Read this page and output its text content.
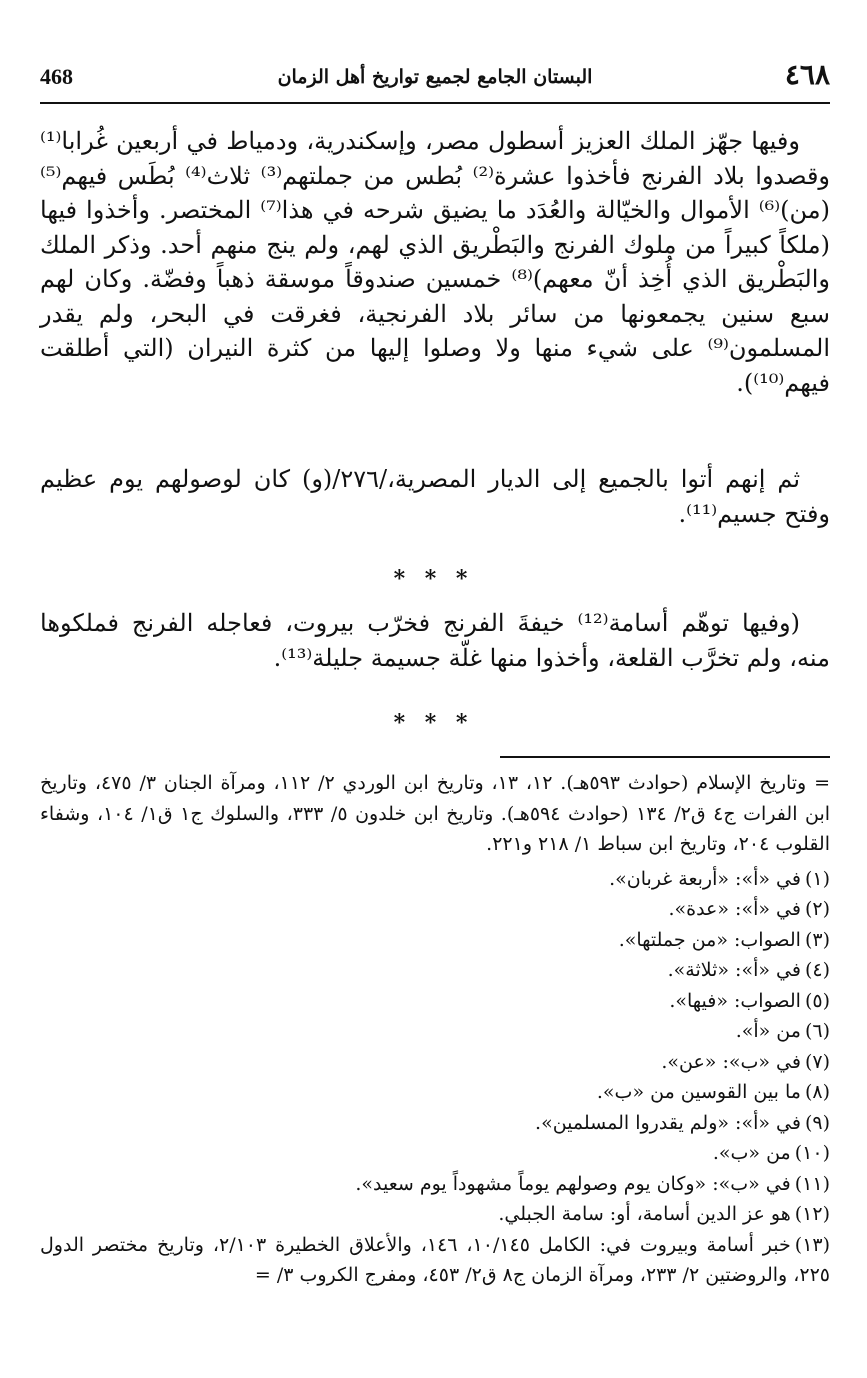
468	البستان الجامع لجميع تواريخ أهل الزمان	٤٦٨

وفيها جهّز الملك العزيز أسطول مصر، وإسكندرية، ودمياط في أربعين غُرابا⁽¹⁾ وقصدوا بلاد الفرنج فأخذوا عشرة⁽²⁾ بُطس من جملتهم⁽³⁾ ثلاث⁽⁴⁾ بُطَس فيهم⁽⁵⁾ (من)⁽⁶⁾ الأموال والخيّالة والعُدَد ما يضيق شرحه في هذا⁽⁷⁾ المختصر. وأخذوا فيها (ملكاً كبيراً من ملوك الفرنج والبَطْريق الذي لهم، ولم ينج منهم أحد. وذكر الملك والبَطْريق الذي أُخِذ أنّ معهم)⁽⁸⁾ خمسين صندوقاً موسقة ذهباً وفضّة. وكان لهم سبع سنين يجمعونها من سائر بلاد الفرنجية، فغرقت في البحر، ولم يقدر المسلمون⁽⁹⁾ على شيء منها ولا وصلوا إليها من كثرة النيران (التي أطلقت فيهم⁽¹⁰⁾).

ثم إنهم أتوا بالجميع إلى الديار المصرية،/٢٧٦/(و) كان لوصولهم يوم عظيم وفتح جسيم⁽¹¹⁾.

* * *

(وفيها توهّم أسامة⁽¹²⁾ خيفةَ الفرنج فخرّب بيروت، فعاجله الفرنج فملكوها منه، ولم تخرَّب القلعة، وأخذوا منها غلّة جسيمة جليلة⁽¹³⁾.

* * *

= وتاريخ الإسلام (حوادث ٥٩٣هـ). ١٢، ١٣، وتاريخ ابن الوردي ٢/ ١١٢، ومرآة الجنان ٣/ ٤٧٥، وتاريخ ابن الفرات ج٤ ق٢/ ١٣٤ (حوادث ٥٩٤هـ). وتاريخ ابن خلدون ٥/ ٣٣٣، والسلوك ج١ ق١/ ١٠٤، وشفاء القلوب ٢٠٤، وتاريخ ابن سباط ١/ ٢١٨ و٢٢١.

(١)في «أ»: «أربعة غربان».
(٢)في «أ»: «عدة».
(٣)الصواب: «من جملتها».
(٤)في «أ»: «ثلاثة».
(٥)الصواب: «فيها».
(٦)من «أ».
(٧)في «ب»: «عن».
(٨)ما بين القوسين من «ب».
(٩)في «أ»: «ولم يقدروا المسلمين».
(١٠)من «ب».
(١١)في «ب»: «وكان يوم وصولهم يوماً مشهوداً يوم سعيد».
(١٢)هو عز الدين أسامة، أو: سامة الجبلي.
(١٣)خبر أسامة وبيروت في: الكامل ١٠/١٤٥، ١٤٦، والأعلاق الخطيرة ٢/١٠٣، وتاريخ مختصر الدول ٢٢٥، والروضتين ٢/ ٢٣٣، ومرآة الزمان ج٨ ق٢/ ٤٥٣، ومفرج الكروب ٣/ =
